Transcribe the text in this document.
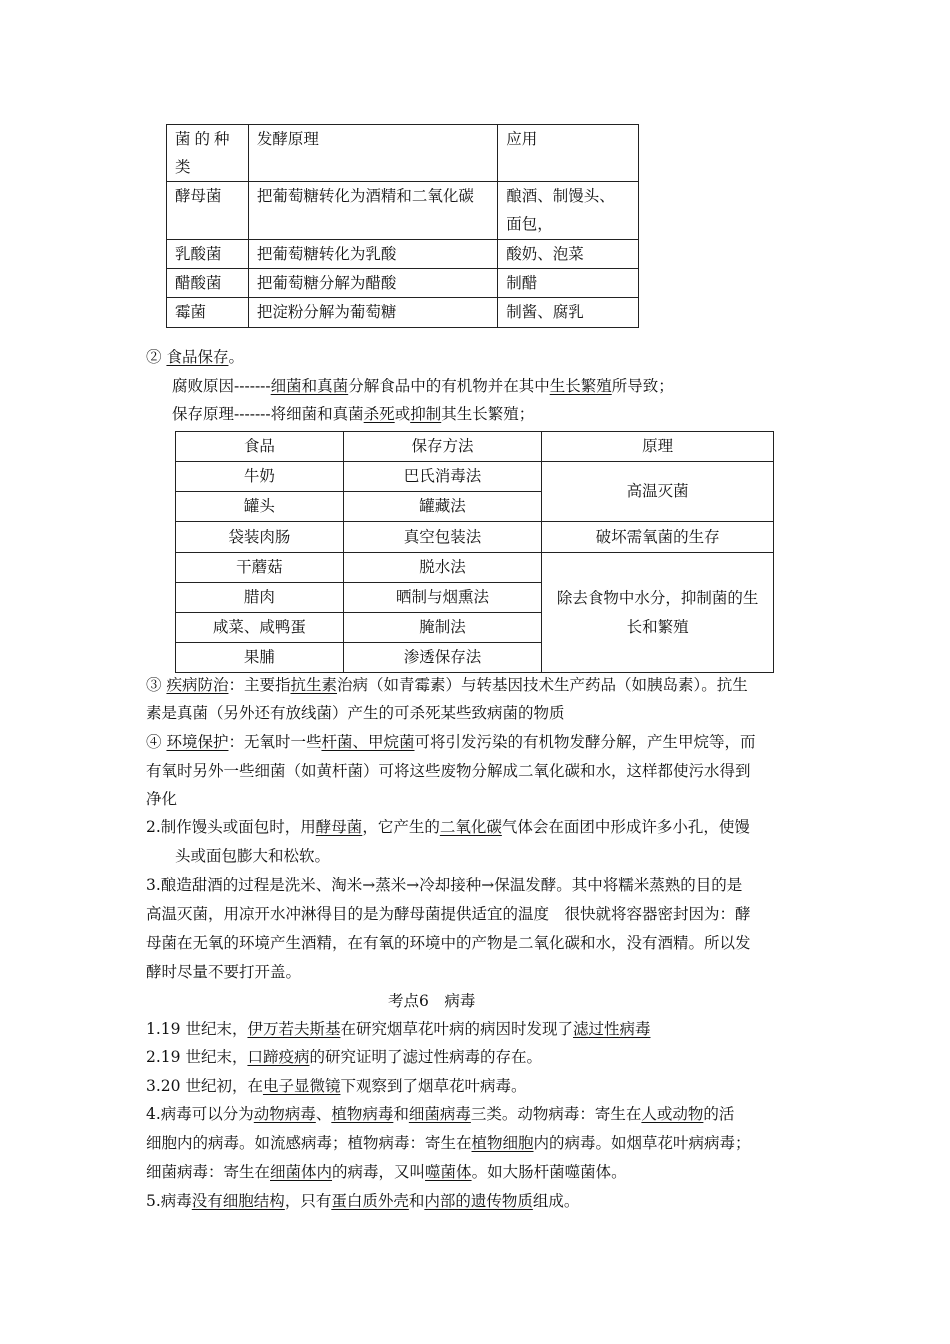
菌的种类	发酵原理	应用
酵母菌	把葡萄糖转化为酒精和二氧化碳	酿酒、制馒头、面包，
乳酸菌	把葡萄糖转化为乳酸	酸奶、泡菜
醋酸菌	把葡萄糖分解为醋酸	制醋
霉菌	把淀粉分解为葡萄糖	制酱、腐乳
② 食品保存。
腐败原因-------细菌和真菌分解食品中的有机物并在其中生长繁殖所导致；
保存原理-------将细菌和真菌杀死或抑制其生长繁殖；
食品	保存方法	原理
牛奶	巴氏消毒法	高温灭菌
罐头	罐藏法	
袋装肉肠	真空包装法	破坏需氧菌的生存
干蘑菇	脱水法	除去食物中水分，抑制菌的生长和繁殖
腊肉	晒制与烟熏法	
咸菜、咸鸭蛋	腌制法	
果脯	渗透保存法	
③ 疾病防治：主要指抗生素治病（如青霉素）与转基因技术生产药品（如胰岛素）。抗生
素是真菌（另外还有放线菌）产生的可杀死某些致病菌的物质
④ 环境保护：无氧时一些杆菌、甲烷菌可将引发污染的有机物发酵分解，产生甲烷等，而
有氧时另外一些细菌（如黄杆菌）可将这些废物分解成二氧化碳和水，这样都使污水得到
净化
2.制作馒头或面包时，用酵母菌，它产生的二氧化碳气体会在面团中形成许多小孔，使馒
头或面包膨大和松软。
3.酿造甜酒的过程是洗米、淘米→蒸米→冷却接种→保温发酵。其中将糯米蒸熟的目的是
高温灭菌，用凉开水冲淋得目的是为酵母菌提供适宜的温度　很快就将容器密封因为：酵
母菌在无氧的环境产生酒精，在有氧的环境中的产物是二氧化碳和水，没有酒精。所以发
酵时尽量不要打开盖。
考点6　病毒
1.19 世纪末，伊万若夫斯基在研究烟草花叶病的病因时发现了滤过性病毒
2.19 世纪末，口蹄疫病的研究证明了滤过性病毒的存在。
3.20 世纪初，在电子显微镜下观察到了烟草花叶病毒。
4.病毒可以分为动物病毒、植物病毒和细菌病毒三类。动物病毒：寄生在人或动物的活
细胞内的病毒。如流感病毒；植物病毒：寄生在植物细胞内的病毒。如烟草花叶病病毒；
细菌病毒：寄生在细菌体内的病毒，又叫噬菌体。如大肠杆菌噬菌体。
5.病毒没有细胞结构，只有蛋白质外壳和内部的遗传物质组成。
